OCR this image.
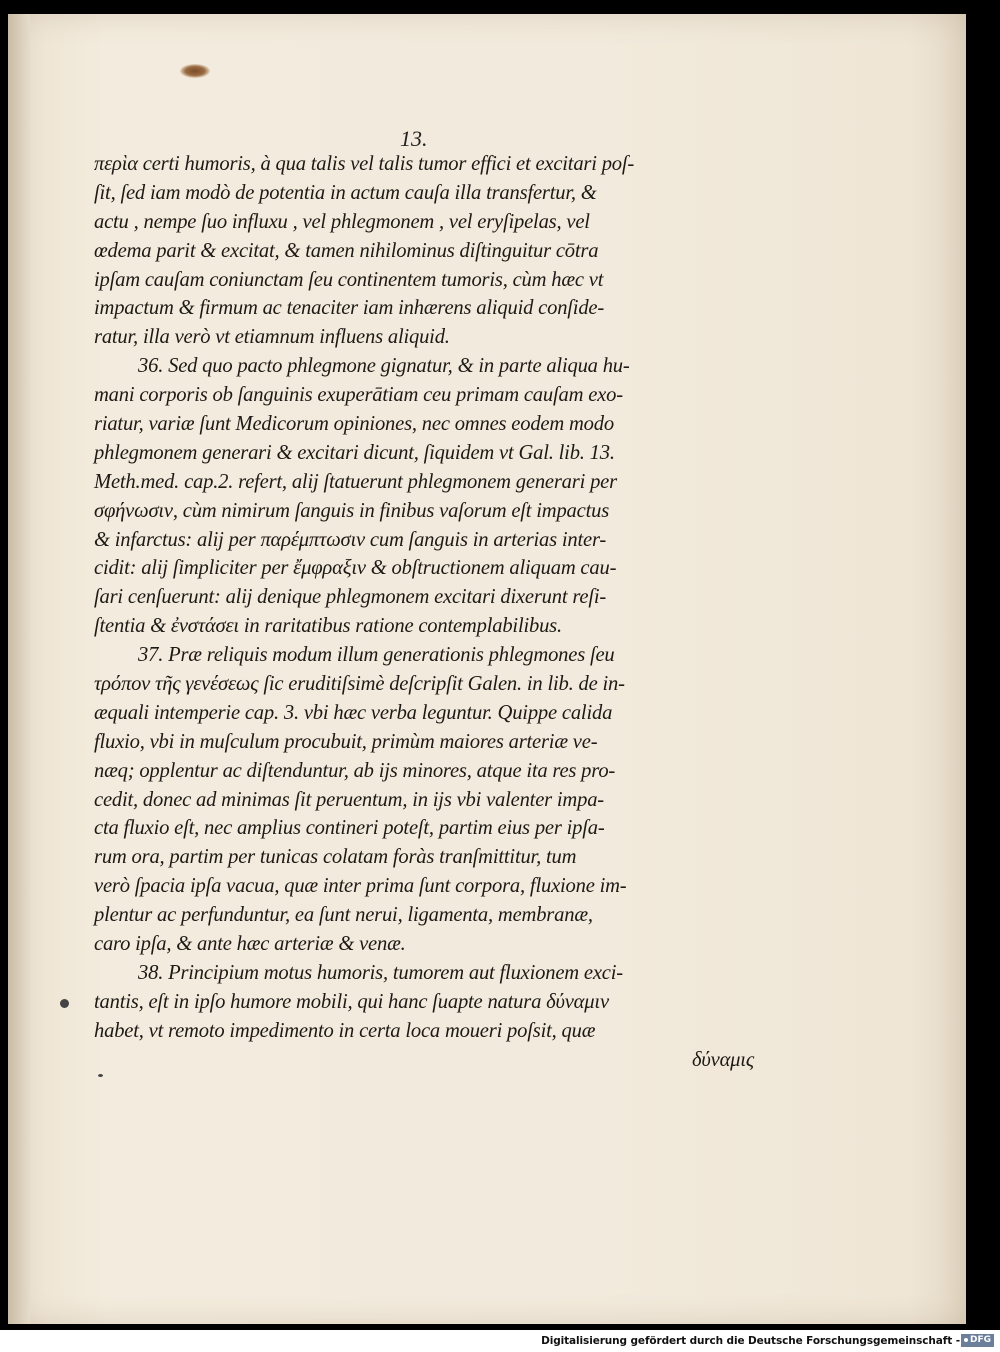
13.
περὶα certi humoris, à qua talis vel talis tumor effici et excitari poſ-
ſit, ſed iam modò de potentia in actum cauſa illa transfertur, &
actu , nempe ſuo influxu , vel phlegmonem , vel eryſipelas, vel
œdema parit & excitat, & tamen nihilominus diſtinguitur cōtra
ipſam cauſam coniunctam ſeu continentem tumoris, cùm hæc vt
impactum & firmum ac tenaciter iam inhærens aliquid conſide-
ratur, illa verò vt etiamnum influens aliquid.
36. Sed quo pacto phlegmone gignatur, & in parte aliqua hu-
mani corporis ob ſanguinis exuperātiam ceu primam cauſam exo-
riatur, variæ ſunt Medicorum opiniones, nec omnes eodem modo
phlegmonem generari & excitari dicunt, ſiquidem vt Gal. lib. 13.
Meth.med. cap.2. refert, alij ſtatuerunt phlegmonem generari per
σφήνωσιν, cùm nimirum ſanguis in finibus vaſorum eſt impactus
& infarctus: alij per παρέμπτωσιν cum ſanguis in arterias inter-
cidit: alij ſimpliciter per ἔμφραξιν & obſtructionem aliquam cau-
ſari cenſuerunt: alij denique phlegmonem excitari dixerunt reſi-
ſtentia & ἐνστάσει in raritatibus ratione contemplabilibus.
37. Præ reliquis modum illum generationis phlegmones ſeu
τρόπον τῆς γενέσεως ſic eruditiſsimè deſcripſit Galen. in lib. de in-
æquali intemperie cap. 3. vbi hæc verba leguntur. Quippe calida
fluxio, vbi in muſculum procubuit, primùm maiores arteriæ ve-
næq; opplentur ac diſtenduntur, ab ijs minores, atque ita res pro-
cedit, donec ad minimas ſit peruentum, in ijs vbi valenter impa-
cta fluxio eſt, nec amplius contineri poteſt, partim eius per ipſa-
rum ora, partim per tunicas colatam foràs tranſmittitur, tum
verò ſpacia ipſa vacua, quæ inter prima ſunt corpora, fluxione im-
plentur ac perfunduntur, ea ſunt nerui, ligamenta, membranæ,
caro ipſa, & ante hæc arteriæ & venæ.
38. Principium motus humoris, tumorem aut fluxionem exci-
tantis, eſt in ipſo humore mobili, qui hanc ſuapte natura δύναμιν
habet, vt remoto impedimento in certa loca moueri poſsit, quæ
δύναμις
Digitalisierung gefördert durch die Deutsche Forschungsgemeinschaft -	DFG
